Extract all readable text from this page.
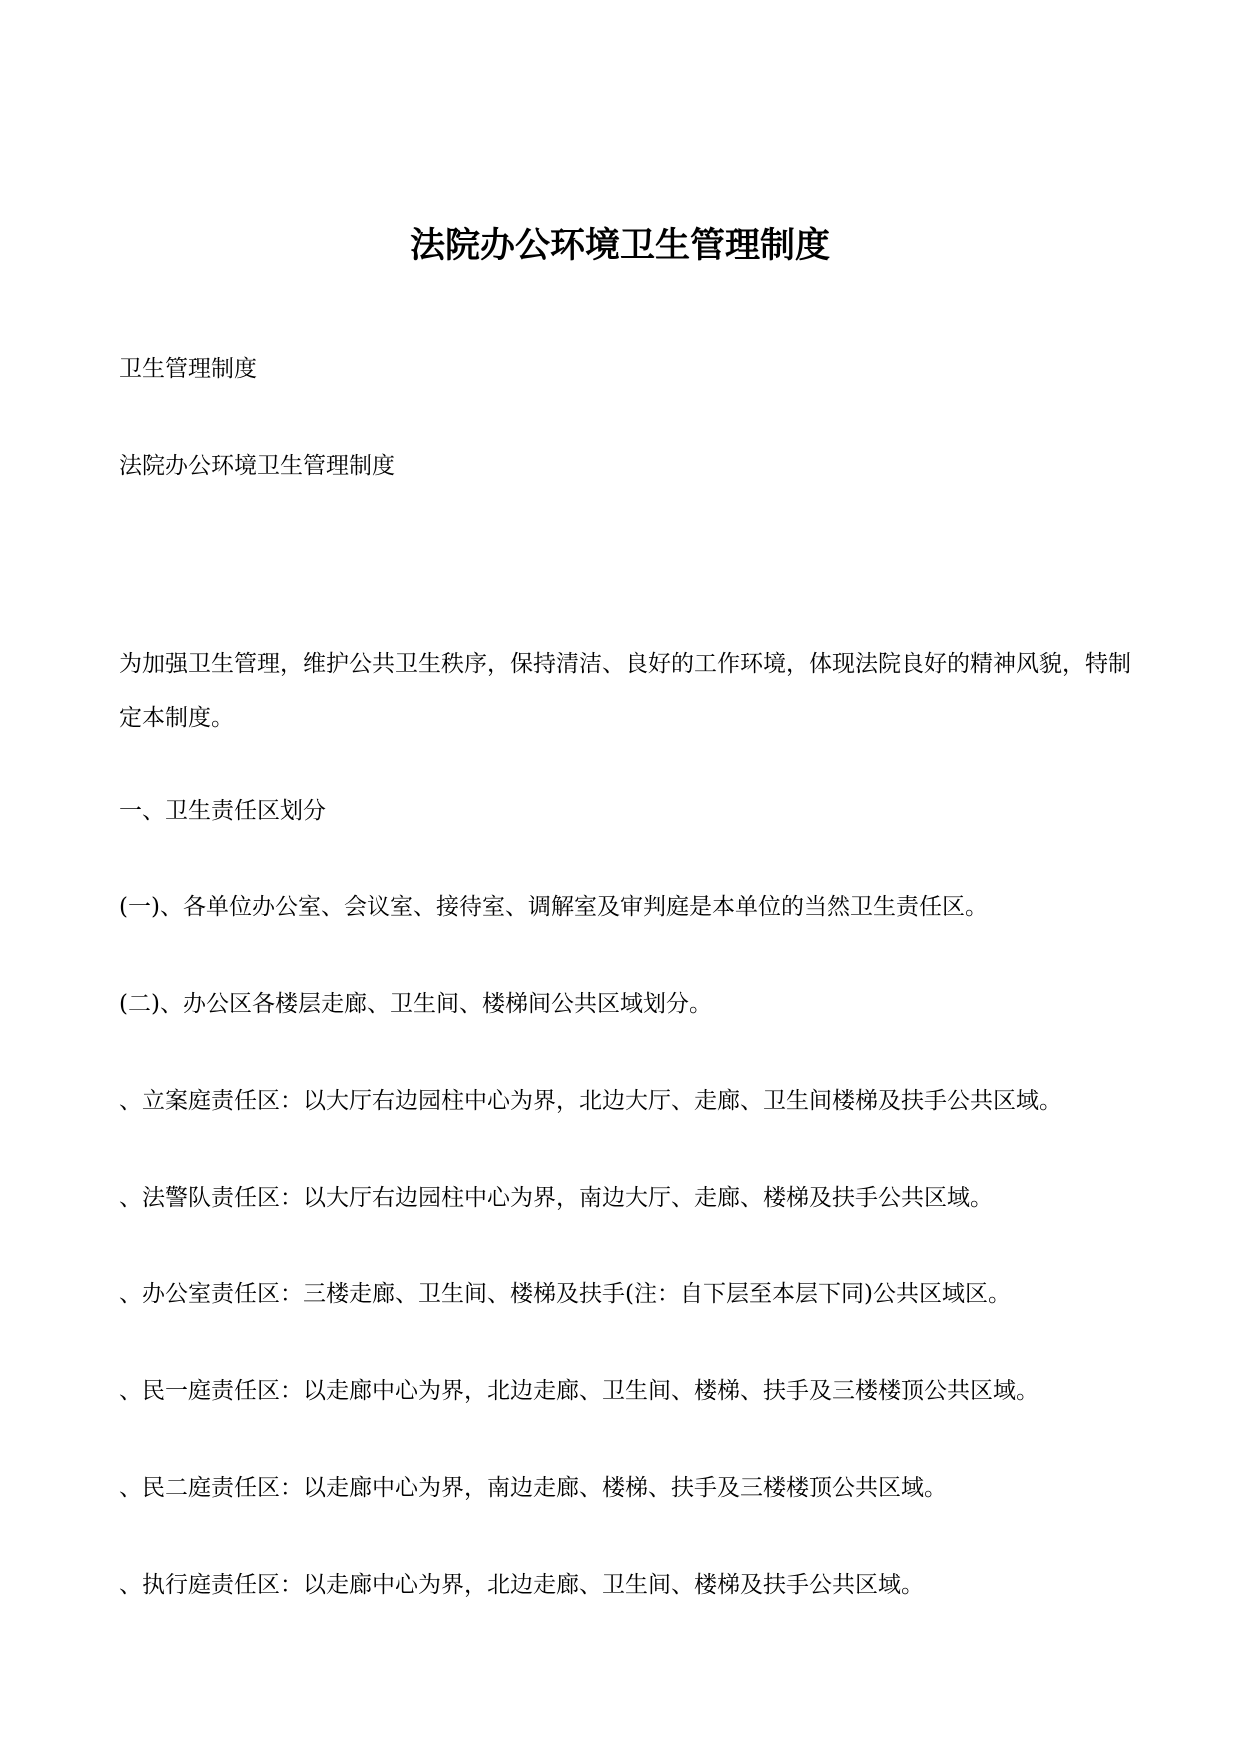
法院办公环境卫生管理制度

卫生管理制度

法院办公环境卫生管理制度

为加强卫生管理，维护公共卫生秩序，保持清洁、良好的工作环境，体现法院良好的精神风貌，特制定本制度。

一、卫生责任区划分

(一)、各单位办公室、会议室、接待室、调解室及审判庭是本单位的当然卫生责任区。

(二)、办公区各楼层走廊、卫生间、楼梯间公共区域划分。

、立案庭责任区：以大厅右边园柱中心为界，北边大厅、走廊、卫生间楼梯及扶手公共区域。

、法警队责任区：以大厅右边园柱中心为界，南边大厅、走廊、楼梯及扶手公共区域。

、办公室责任区：三楼走廊、卫生间、楼梯及扶手(注：自下层至本层下同)公共区域区。

、民一庭责任区：以走廊中心为界，北边走廊、卫生间、楼梯、扶手及三楼楼顶公共区域。

、民二庭责任区：以走廊中心为界，南边走廊、楼梯、扶手及三楼楼顶公共区域。

、执行庭责任区：以走廊中心为界，北边走廊、卫生间、楼梯及扶手公共区域。
